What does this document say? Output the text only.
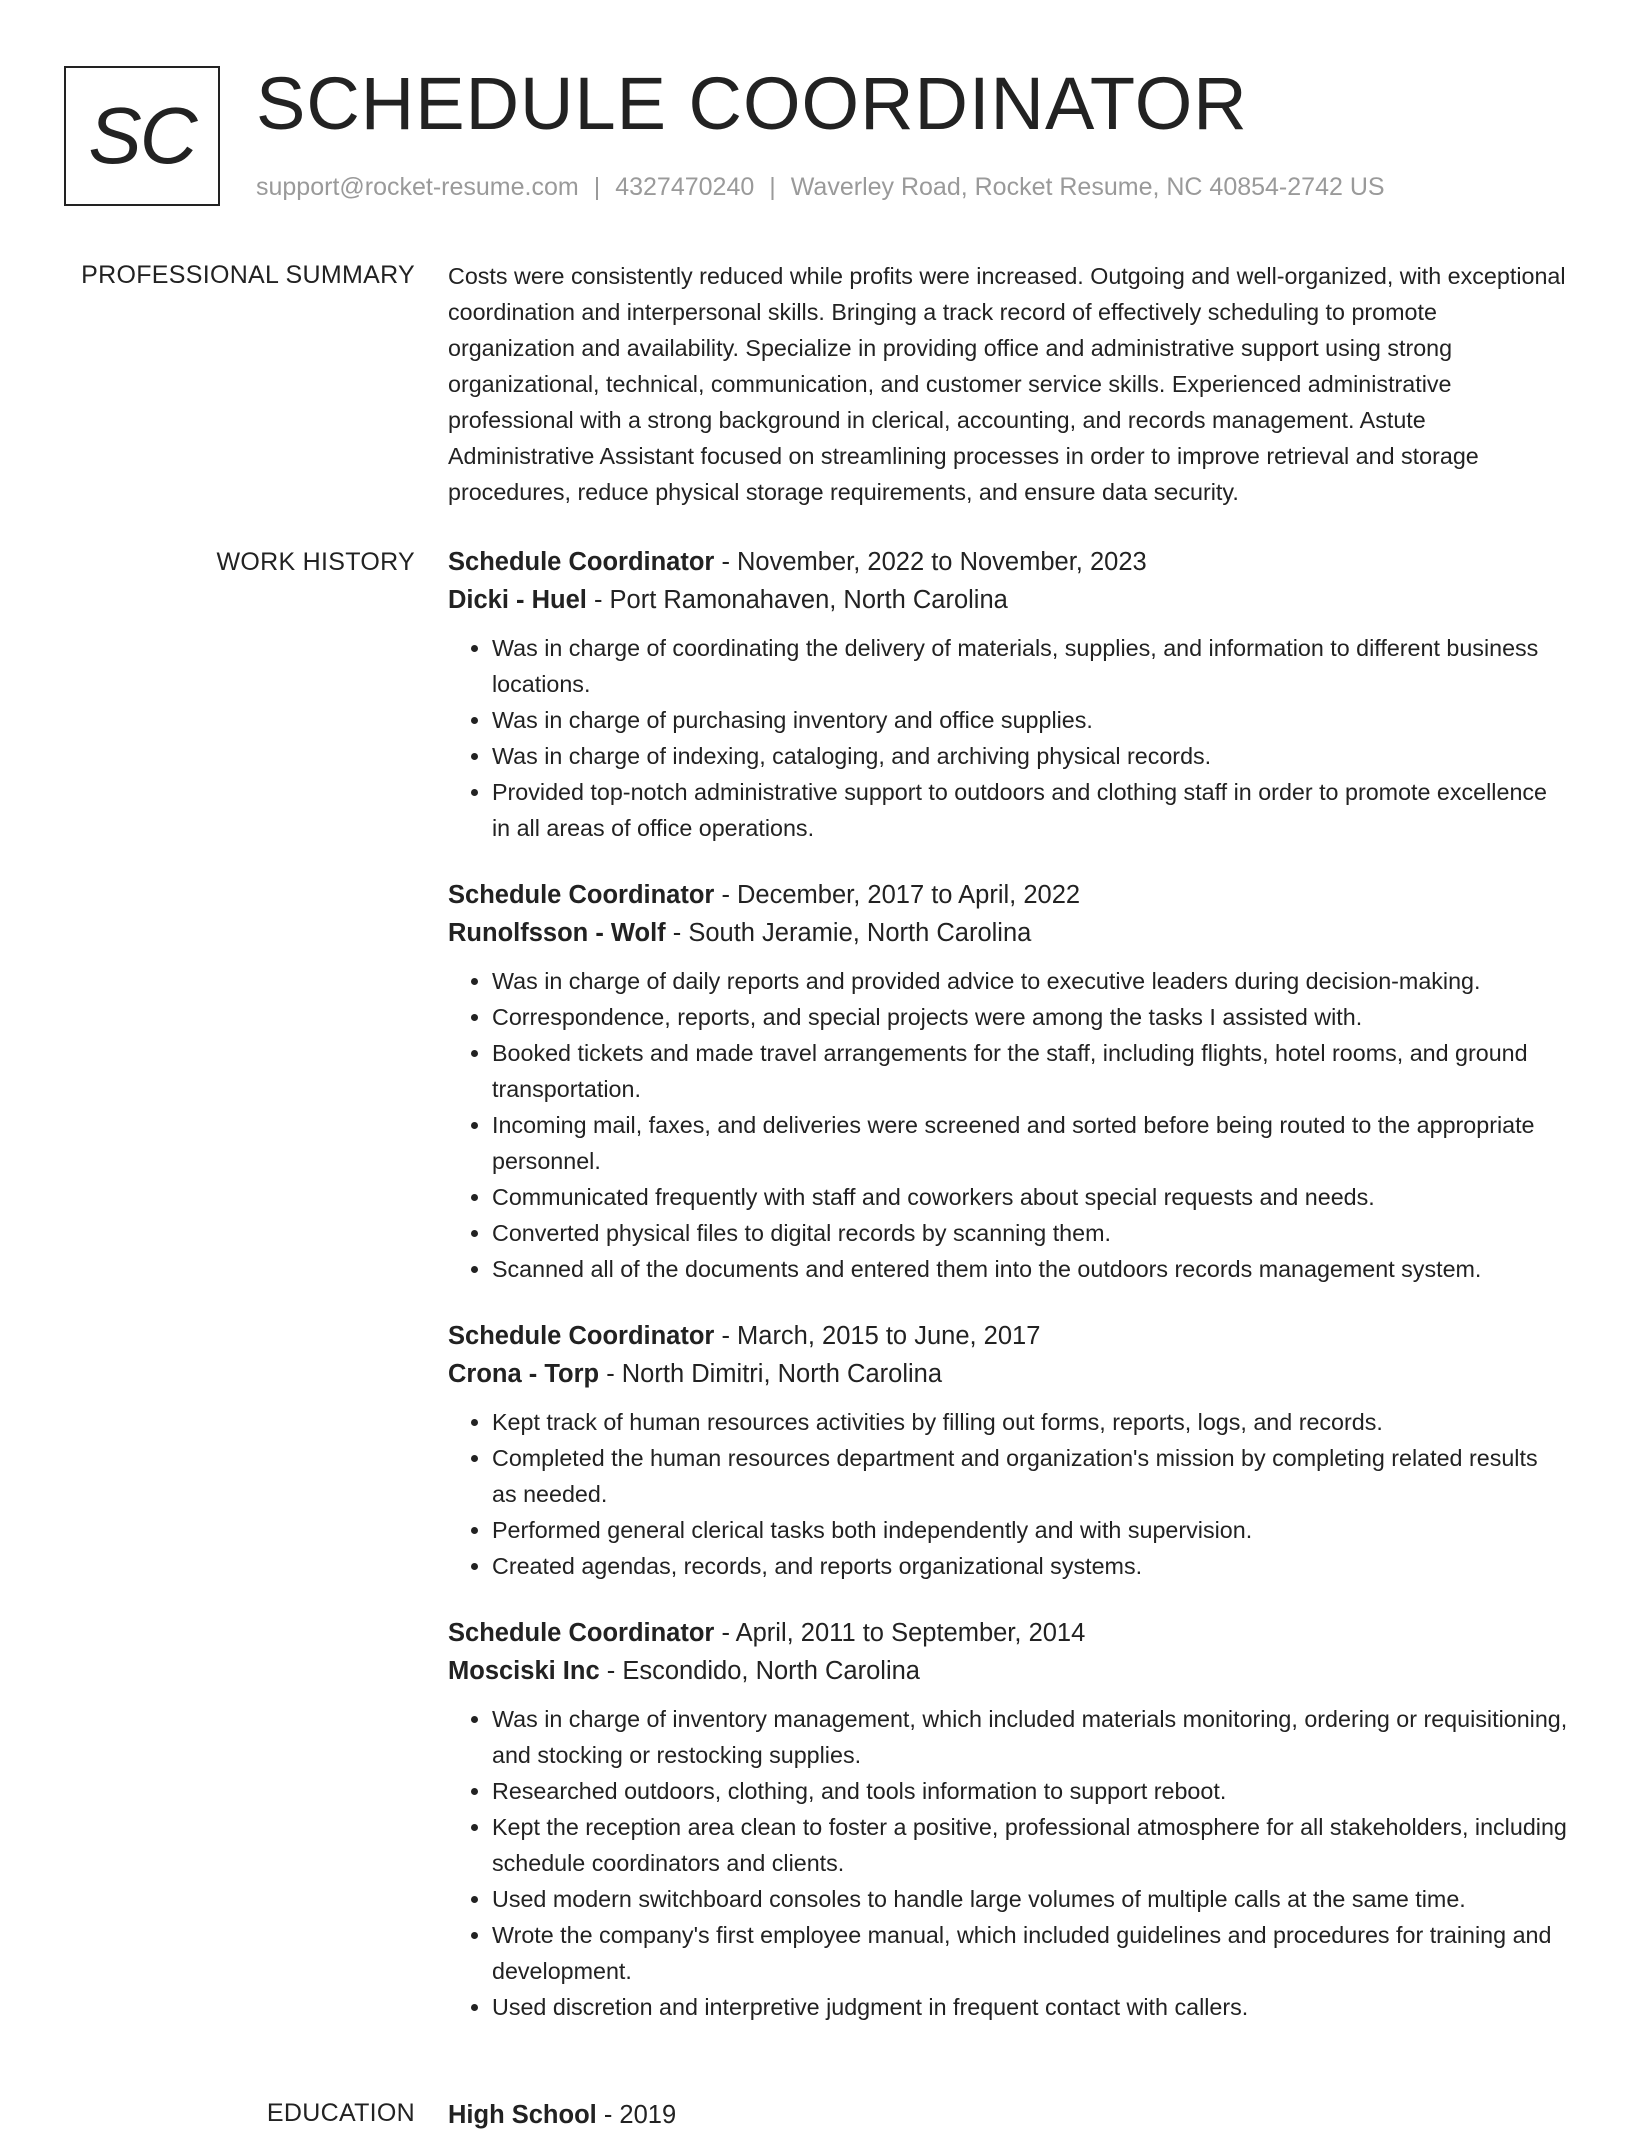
SC SCHEDULE COORDINATOR
support@rocket-resume.com | 4327470240 | Waverley Road, Rocket Resume, NC 40854-2742 US
PROFESSIONAL SUMMARY Costs were consistently reduced while profits were increased. Outgoing and well-organized, with exceptional coordination and interpersonal skills. Bringing a track record of effectively scheduling to promote organization and availability. Specialize in providing office and administrative support using strong organizational, technical, communication, and customer service skills. Experienced administrative professional with a strong background in clerical, accounting, and records management. Astute Administrative Assistant focused on streamlining processes in order to improve retrieval and storage procedures, reduce physical storage requirements, and ensure data security.

WORK HISTORY Schedule Coordinator - November, 2022 to November, 2023
Dicki - Huel - Port Ramonahaven, North Carolina
• Was in charge of coordinating the delivery of materials, supplies, and information to different business locations.
• Was in charge of purchasing inventory and office supplies.
• Was in charge of indexing, cataloging, and archiving physical records.
• Provided top-notch administrative support to outdoors and clothing staff in order to promote excellence in all areas of office operations.
Schedule Coordinator - December, 2017 to April, 2022
Runolfsson - Wolf - South Jeramie, North Carolina
• Was in charge of daily reports and provided advice to executive leaders during decision-making.
• Correspondence, reports, and special projects were among the tasks I assisted with.
• Booked tickets and made travel arrangements for the staff, including flights, hotel rooms, and ground transportation.
• Incoming mail, faxes, and deliveries were screened and sorted before being routed to the appropriate personnel.
• Communicated frequently with staff and coworkers about special requests and needs.
• Converted physical files to digital records by scanning them.
• Scanned all of the documents and entered them into the outdoors records management system.
Schedule Coordinator - March, 2015 to June, 2017
Crona - Torp - North Dimitri, North Carolina
• Kept track of human resources activities by filling out forms, reports, logs, and records.
• Completed the human resources department and organization's mission by completing related results as needed.
• Performed general clerical tasks both independently and with supervision.
• Created agendas, records, and reports organizational systems.
Schedule Coordinator - April, 2011 to September, 2014
Mosciski Inc - Escondido, North Carolina
• Was in charge of inventory management, which included materials monitoring, ordering or requisitioning, and stocking or restocking supplies.
• Researched outdoors, clothing, and tools information to support reboot.
• Kept the reception area clean to foster a positive, professional atmosphere for all stakeholders, including schedule coordinators and clients.
• Used modern switchboard consoles to handle large volumes of multiple calls at the same time.
• Wrote the company's first employee manual, which included guidelines and procedures for training and development.
• Used discretion and interpretive judgment in frequent contact with callers.
EDUCATION High School - 2019
